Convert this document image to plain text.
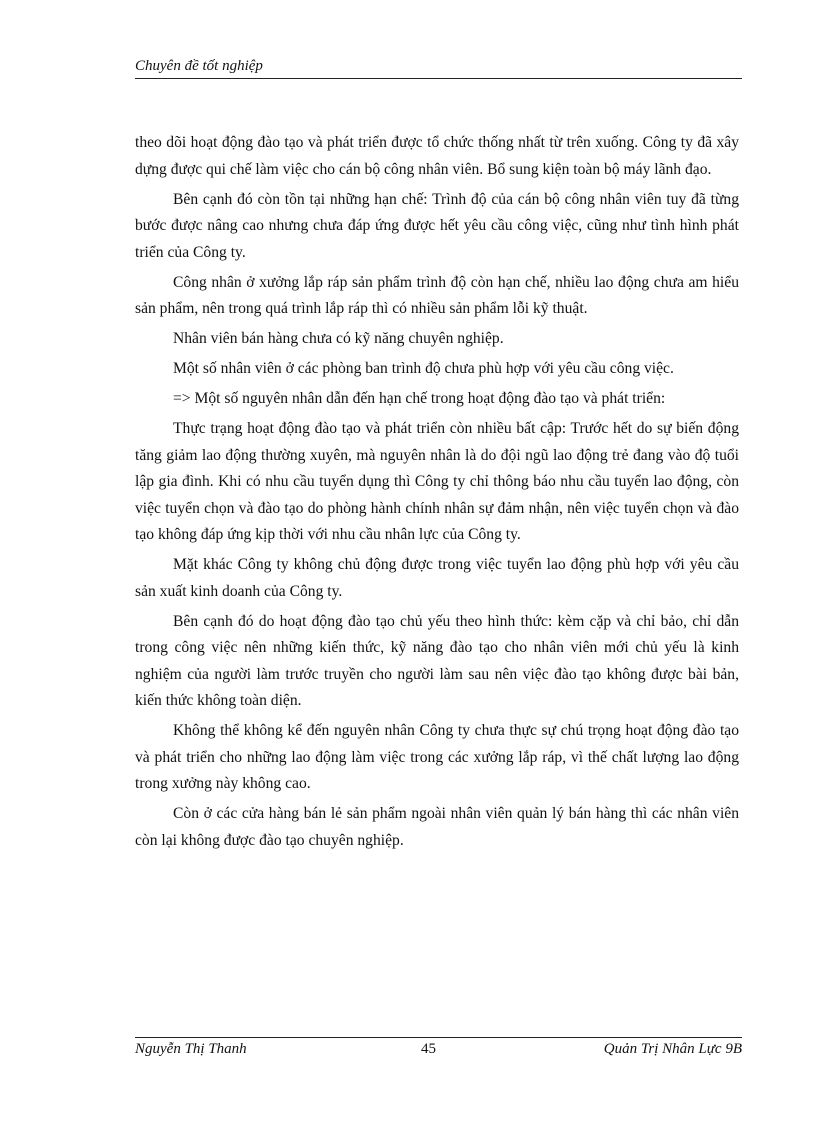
Chuyên đề tốt nghiệp

theo dõi hoạt động đào tạo và phát triển được tổ chức thống nhất từ trên xuống. Công ty đã xây dựng được qui chế làm việc cho cán bộ công nhân viên. Bổ sung kiện toàn bộ máy lãnh đạo.

Bên cạnh đó còn tồn tại những hạn chế: Trình độ của cán bộ công nhân viên tuy đã từng bước được nâng cao nhưng chưa đáp ứng được hết yêu cầu công việc, cũng như tình hình phát triển của Công ty.

Công nhân ở xưởng lắp ráp sản phẩm trình độ còn hạn chế, nhiều lao động chưa am hiểu sản phẩm, nên trong quá trình lắp ráp thì có nhiều sản phẩm lỗi kỹ thuật.

Nhân viên bán hàng chưa có kỹ năng chuyên nghiệp.

Một số nhân viên ở các phòng ban trình độ chưa phù hợp với yêu cầu công việc.

=> Một số nguyên nhân dẫn đến hạn chế trong hoạt động đào tạo và phát triển:

Thực trạng hoạt động đào tạo và phát triển còn nhiều bất cập: Trước hết do sự biến động tăng giảm lao động thường xuyên, mà nguyên nhân là do đội ngũ lao động trẻ đang vào độ tuổi lập gia đình. Khi có nhu cầu tuyển dụng thì Công ty chỉ thông báo nhu cầu tuyển lao động, còn việc tuyển chọn và đào tạo do phòng hành chính nhân sự đảm nhận, nên việc tuyển chọn và đào tạo không đáp ứng kịp thời với nhu cầu nhân lực của Công ty.

Mặt khác Công ty không chủ động được trong việc tuyển lao động phù hợp với yêu cầu sản xuất kinh doanh của Công ty.

Bên cạnh đó do hoạt động đào tạo chủ yếu theo hình thức: kèm cặp và chỉ bảo, chỉ dẫn trong công việc nên những kiến thức, kỹ năng đào tạo cho nhân viên mới chủ yếu là kinh nghiệm của người làm trước truyền cho người làm sau nên việc đào tạo không được bài bản, kiến thức không toàn diện.

Không thể không kể đến nguyên nhân Công ty chưa thực sự chú trọng hoạt động đào tạo và phát triển cho những lao động làm việc trong các xưởng lắp ráp, vì thế chất lượng lao động trong xưởng này không cao.

Còn ở các cửa hàng bán lẻ sản phẩm ngoài nhân viên quản lý bán hàng thì các nhân viên còn lại không được đào tạo chuyên nghiệp.

Nguyễn Thị Thanh	45	Quản Trị Nhân Lực 9B
